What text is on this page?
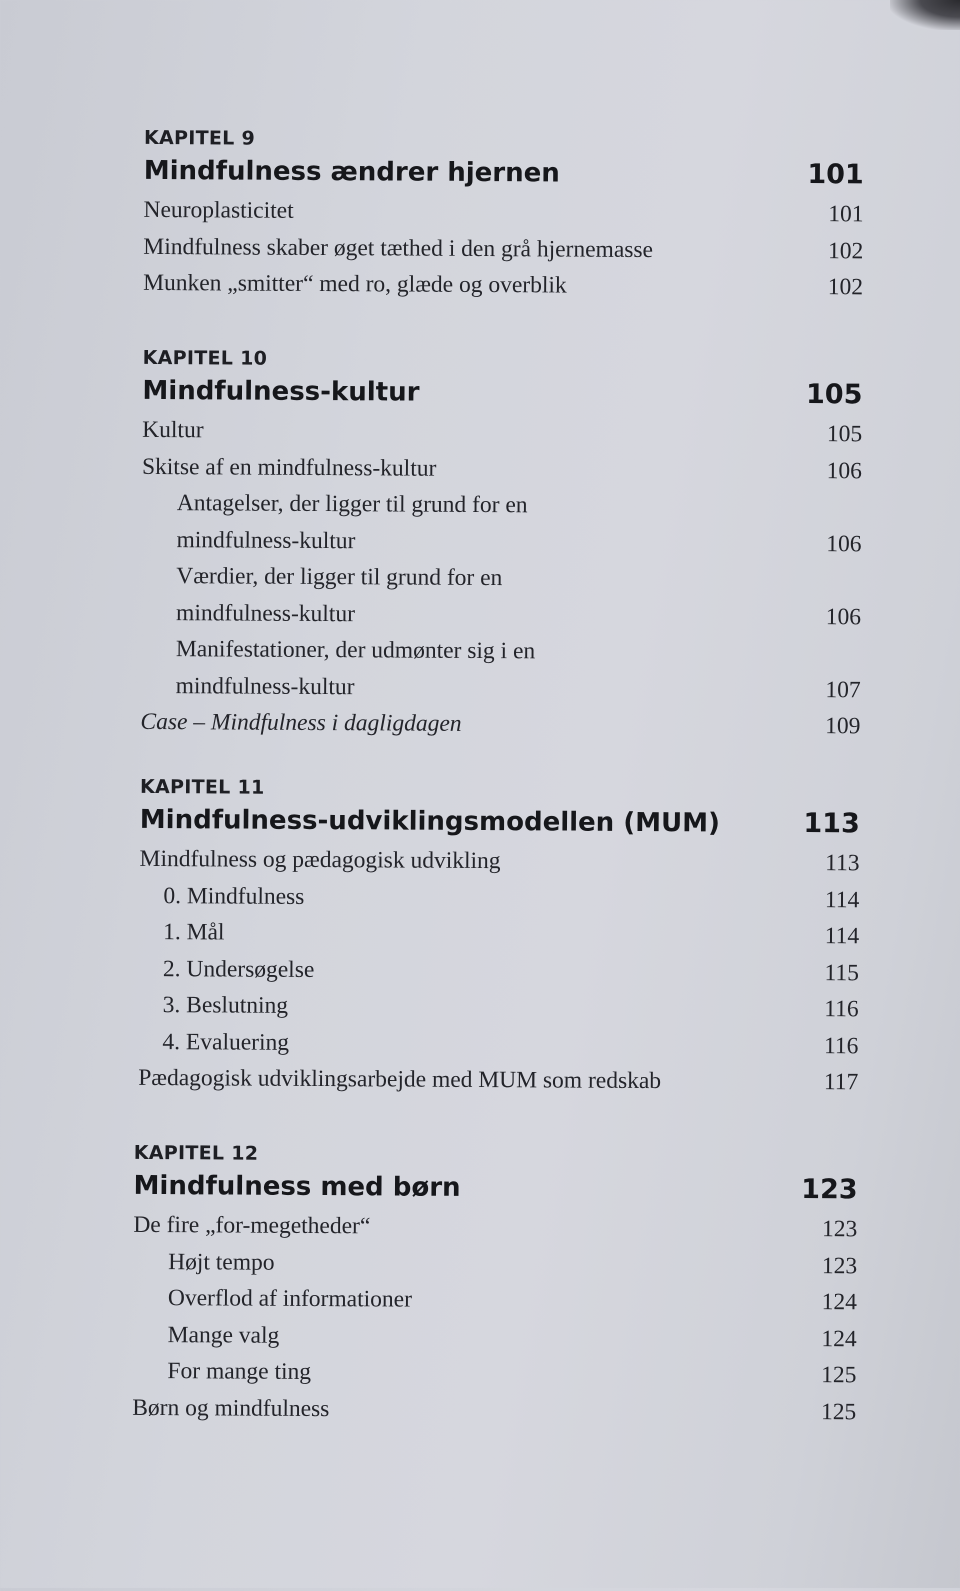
KAPITEL 9
Mindfulness ændrer hjernen	101
Neuroplasticitet	101
Mindfulness skaber øget tæthed i den grå hjernemasse	102
Munken „smitter“ med ro, glæde og overblik	102
KAPITEL 10
Mindfulness-kultur	105
Kultur	105
Skitse af en mindfulness-kultur	106
Antagelser, der ligger til grund for en
mindfulness-kultur	106
Værdier, der ligger til grund for en
mindfulness-kultur	106
Manifestationer, der udmønter sig i en
mindfulness-kultur	107
Case – Mindfulness i dagligdagen	109
KAPITEL 11
Mindfulness-udviklingsmodellen (MUM)	113
Mindfulness og pædagogisk udvikling	113
0. Mindfulness	114
1. Mål	114
2. Undersøgelse	115
3. Beslutning	116
4. Evaluering	116
Pædagogisk udviklingsarbejde med MUM som redskab	117
KAPITEL 12
Mindfulness med børn	123
De fire „for-megetheder“	123
Højt tempo	123
Overflod af informationer	124
Mange valg	124
For mange ting	125
Børn og mindfulness	125
